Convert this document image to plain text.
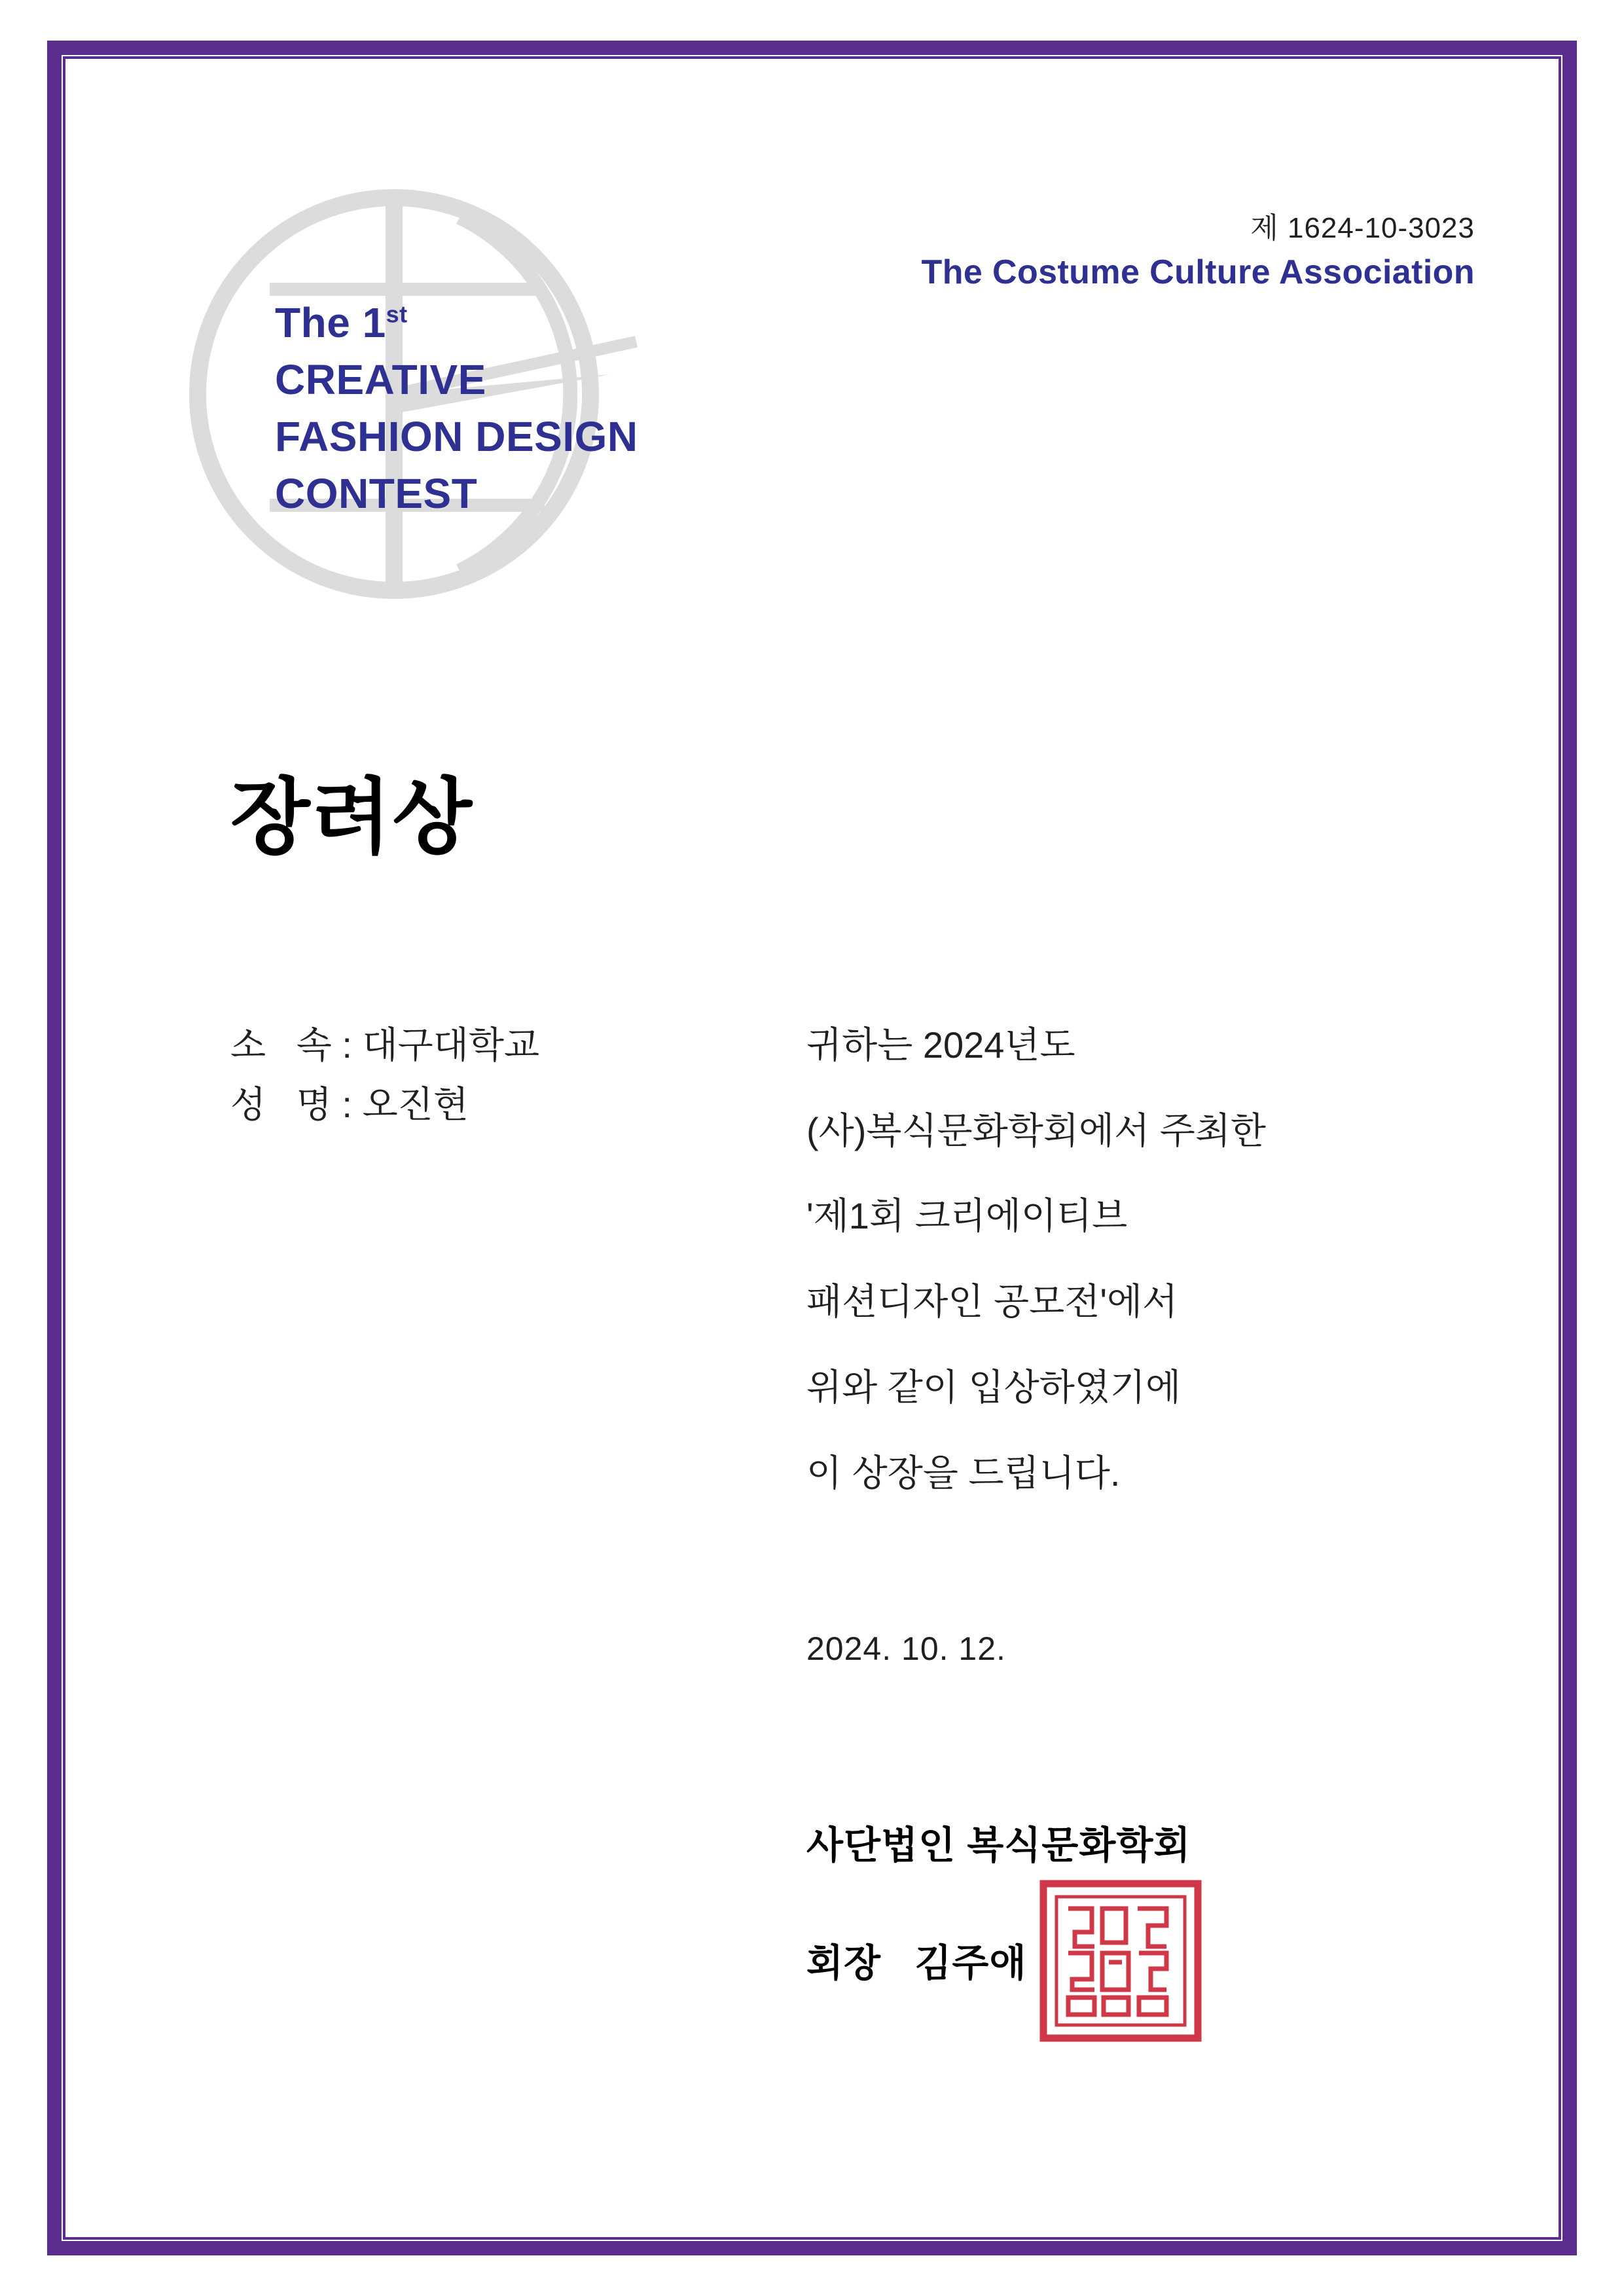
The 1st
CREATIVE
FASHION DESIGN
CONTEST
제 1624-10-3023
The Costume Culture Association
장려상
소   속 : 대구대학교
성   명 : 오진현
귀하는 2024년도
(사)복식문화학회에서 주최한
'제1회 크리에이티브
패션디자인 공모전'에서
위와 같이 입상하였기에
이 상장을 드립니다.
2024. 10. 12.
사단법인 복식문화학회
회장   김주애
